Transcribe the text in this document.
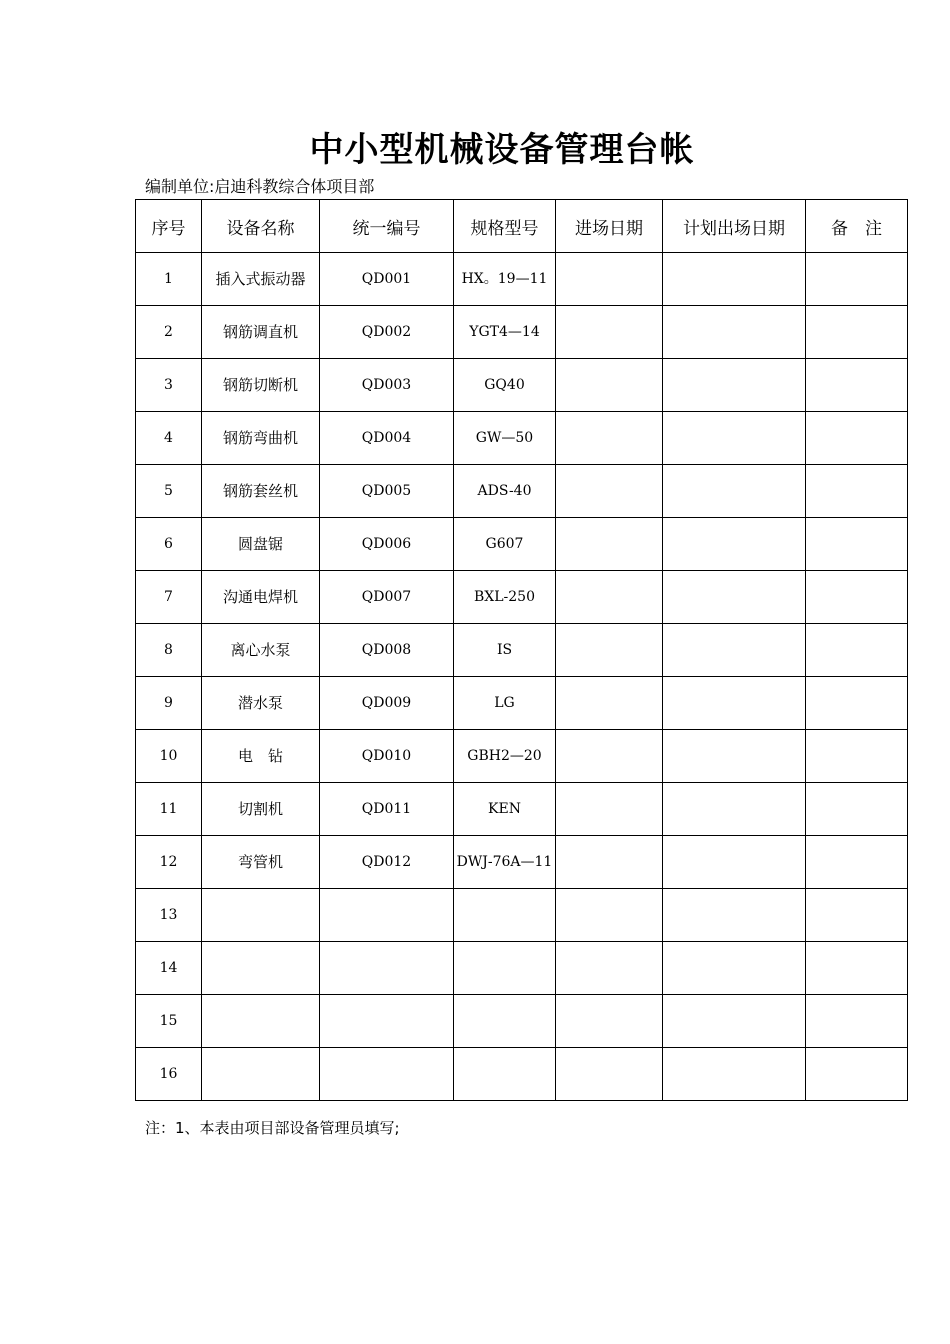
中小型机械设备管理台帐
编制单位:启迪科教综合体项目部
序号	设备名称	统一编号	规格型号	进场日期	计划出场日期	备　注
1	插入式振动器	QD001	HX。19—11			
2	钢筋调直机	QD002	YGT4—14			
3	钢筋切断机	QD003	GQ40			
4	钢筋弯曲机	QD004	GW—50			
5	钢筋套丝机	QD005	ADS-40			
6	圆盘锯	QD006	G607			
7	沟通电焊机	QD007	BXL-250			
8	离心水泵	QD008	IS			
9	潜水泵	QD009	LG			
10	电　钻	QD010	GBH2—20			
11	切割机	QD011	KEN			
12	弯管机	QD012	DWJ-76A—11			
13						
14						
15						
16						
注：1、本表由项目部设备管理员填写;
